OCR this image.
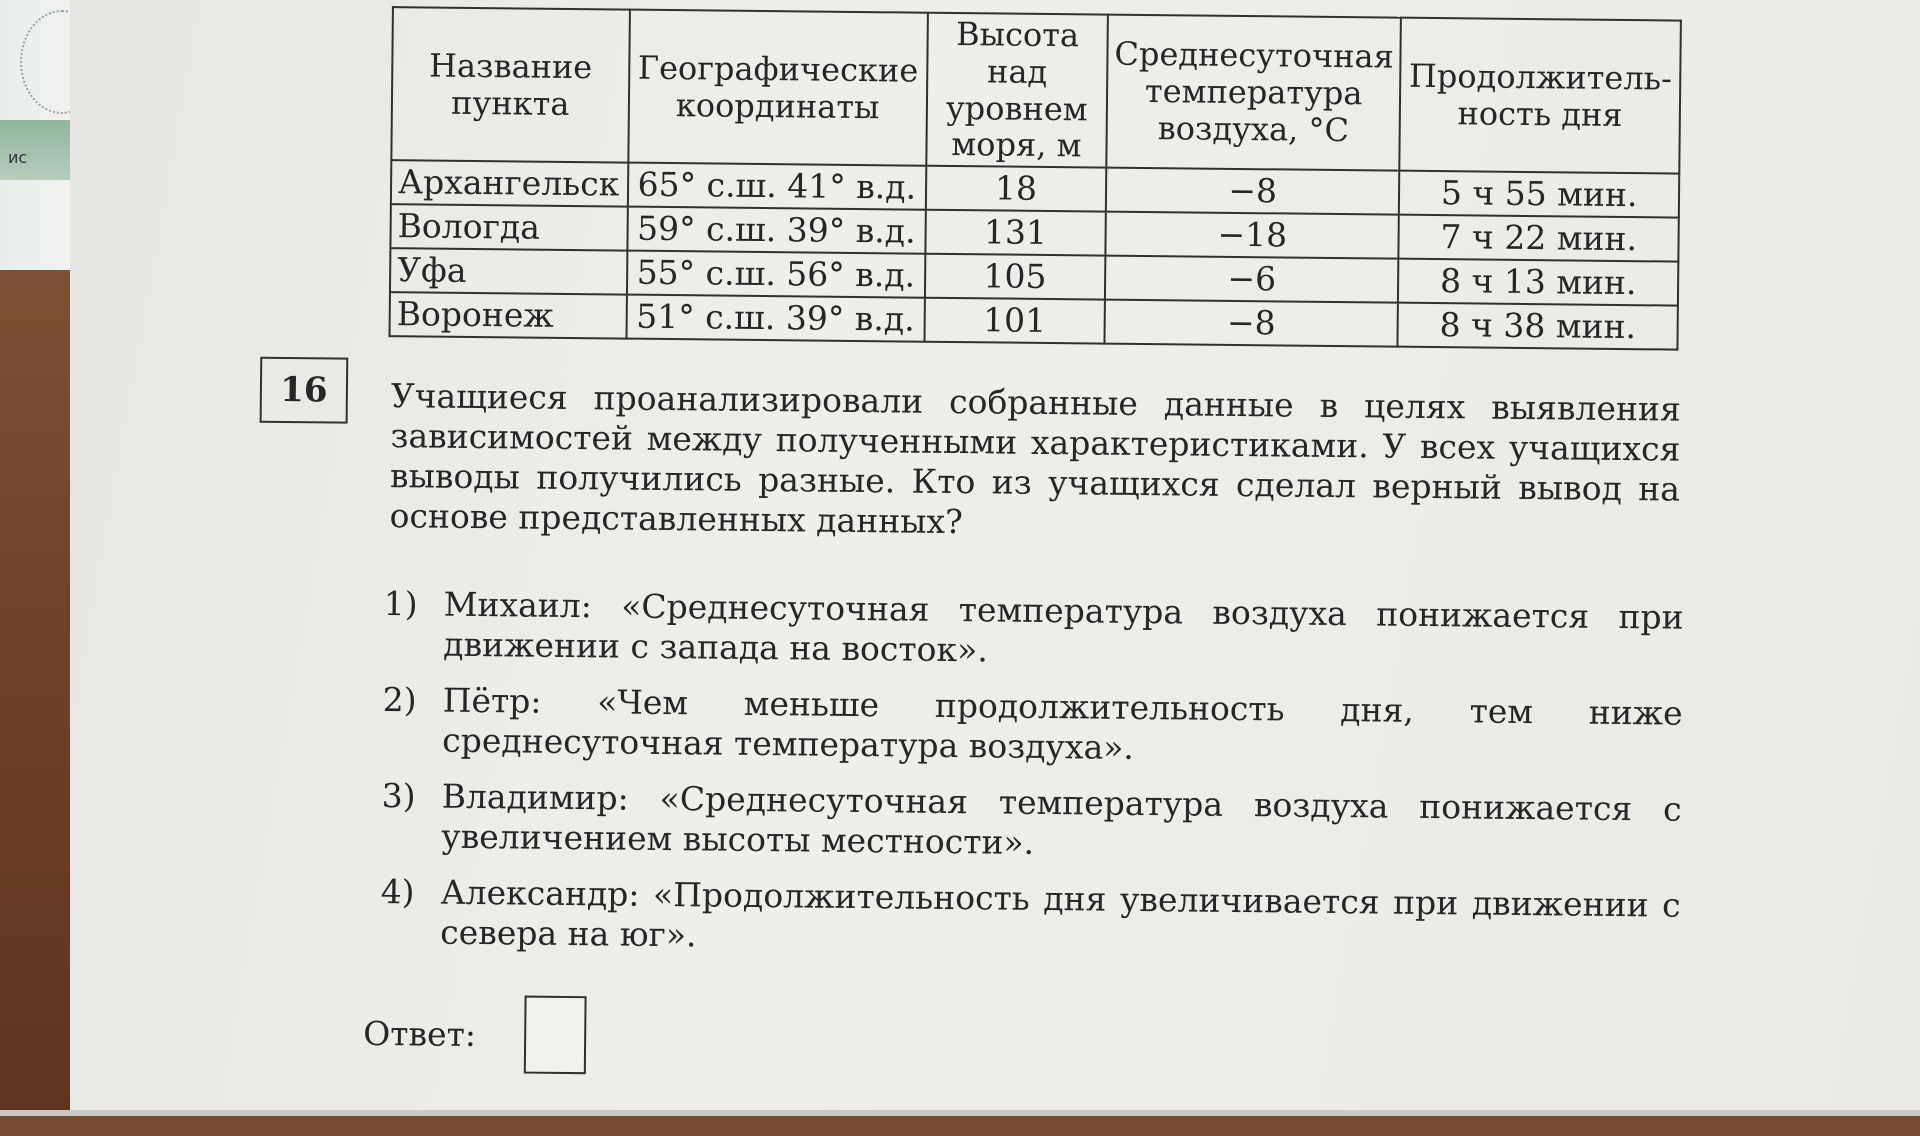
ис
Название пункта	Географические координаты	Высота над уровнем моря, м	Среднесуточная температура воздуха, °C	Продолжитель-ность дня
Архангельск	65° с.ш. 41° в.д.	18	−8	5 ч 55 мин.
Вологда	59° с.ш. 39° в.д.	131	−18	7 ч 22 мин.
Уфа	55° с.ш. 56° в.д.	105	−6	8 ч 13 мин.
Воронеж	51° с.ш. 39° в.д.	101	−8	8 ч 38 мин.
16	Учащиеся проанализировали собранные данные в целях выявления зависимостей между полученными характеристиками. У всех учащихся выводы получились разные. Кто из учащихся сделал верный вывод на основе представленных данных?
1) Михаил: «Среднесуточная температура воздуха понижается при движении с запада на восток».
2) Пётр: «Чем меньше продолжительность дня, тем ниже среднесуточная температура воздуха».
3) Владимир: «Среднесуточная температура воздуха понижается с увеличением высоты местности».
4) Александр: «Продолжительность дня увеличивается при движении с севера на юг».
Ответ:
